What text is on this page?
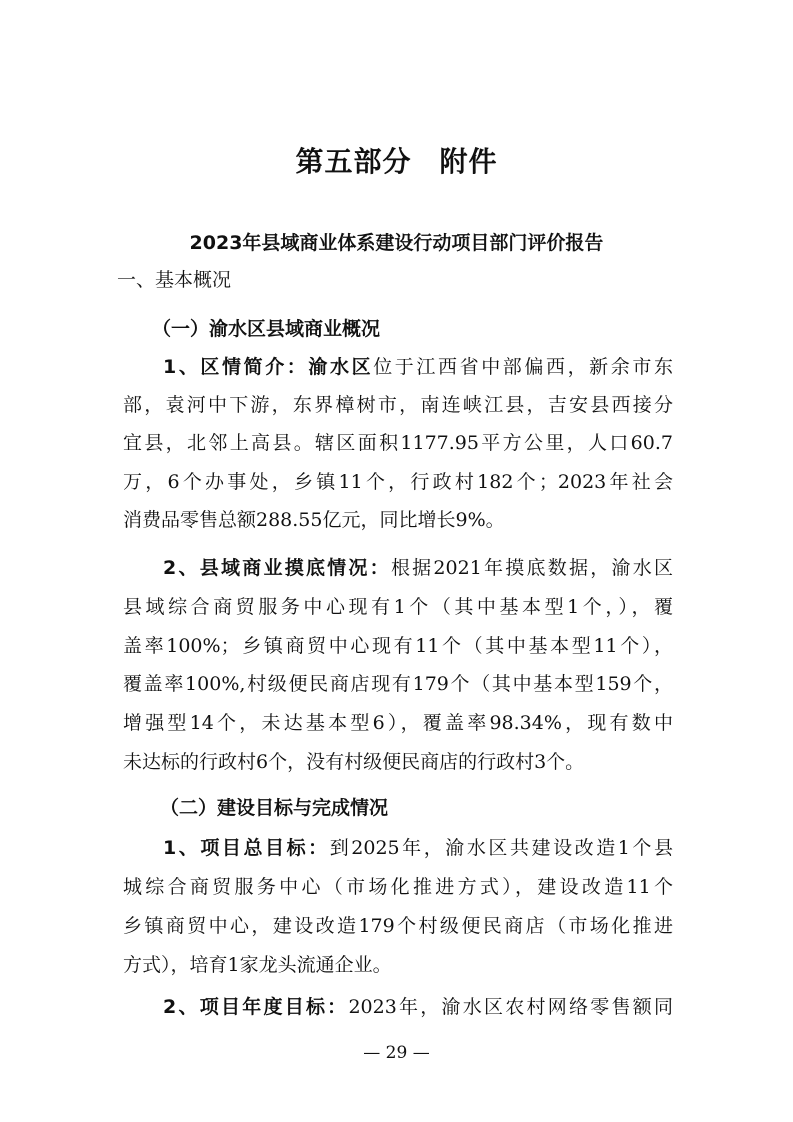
第五部分 附件
2023年县域商业体系建设行动项目部门评价报告
一、基本概况
（一）渝水区县域商业概况
1、区情简介：渝水区位于江西省中部偏西，新余市东
部，袁河中下游，东界樟树市，南连峡江县，吉安县西接分
宜县，北邻上高县。辖区面积1177.95平方公里，人口60.7
万，6个办事处，乡镇11个，行政村182个；2023年社会
消费品零售总额288.55亿元，同比增长9%。
2、县域商业摸底情况：根据2021年摸底数据，渝水区
县域综合商贸服务中心现有1个（其中基本型1个，），覆
盖率100%；乡镇商贸中心现有11个（其中基本型11个），
覆盖率100%,村级便民商店现有179个（其中基本型159个，
增强型14个，未达基本型6），覆盖率98.34%，现有数中
未达标的行政村6个，没有村级便民商店的行政村3个。
（二）建设目标与完成情况
1、项目总目标：到2025年，渝水区共建设改造1个县
城综合商贸服务中心（市场化推进方式），建设改造11个
乡镇商贸中心，建设改造179个村级便民商店（市场化推进
方式），培育1家龙头流通企业。
2、项目年度目标：2023年，渝水区农村网络零售额同
— 29 —
